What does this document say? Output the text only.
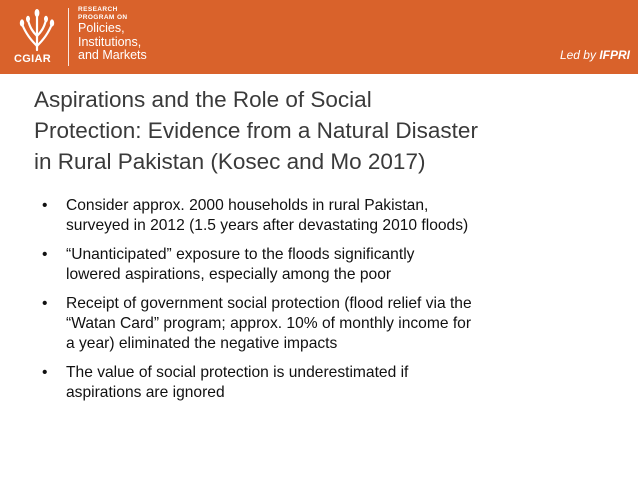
CGIAR
RESEARCH
PROGRAM ON
Policies,
Institutions,
and Markets	Led by IFPRI
Aspirations and the Role of Social
Protection: Evidence from a Natural Disaster
in Rural Pakistan (Kosec and Mo 2017)
• Consider approx. 2000 households in rural Pakistan,
surveyed in 2012 (1.5 years after devastating 2010 floods)
• “Unanticipated” exposure to the floods significantly
lowered aspirations, especially among the poor
• Receipt of government social protection (flood relief via the
“Watan Card” program; approx. 10% of monthly income for
a year) eliminated the negative impacts
• The value of social protection is underestimated if
aspirations are ignored
